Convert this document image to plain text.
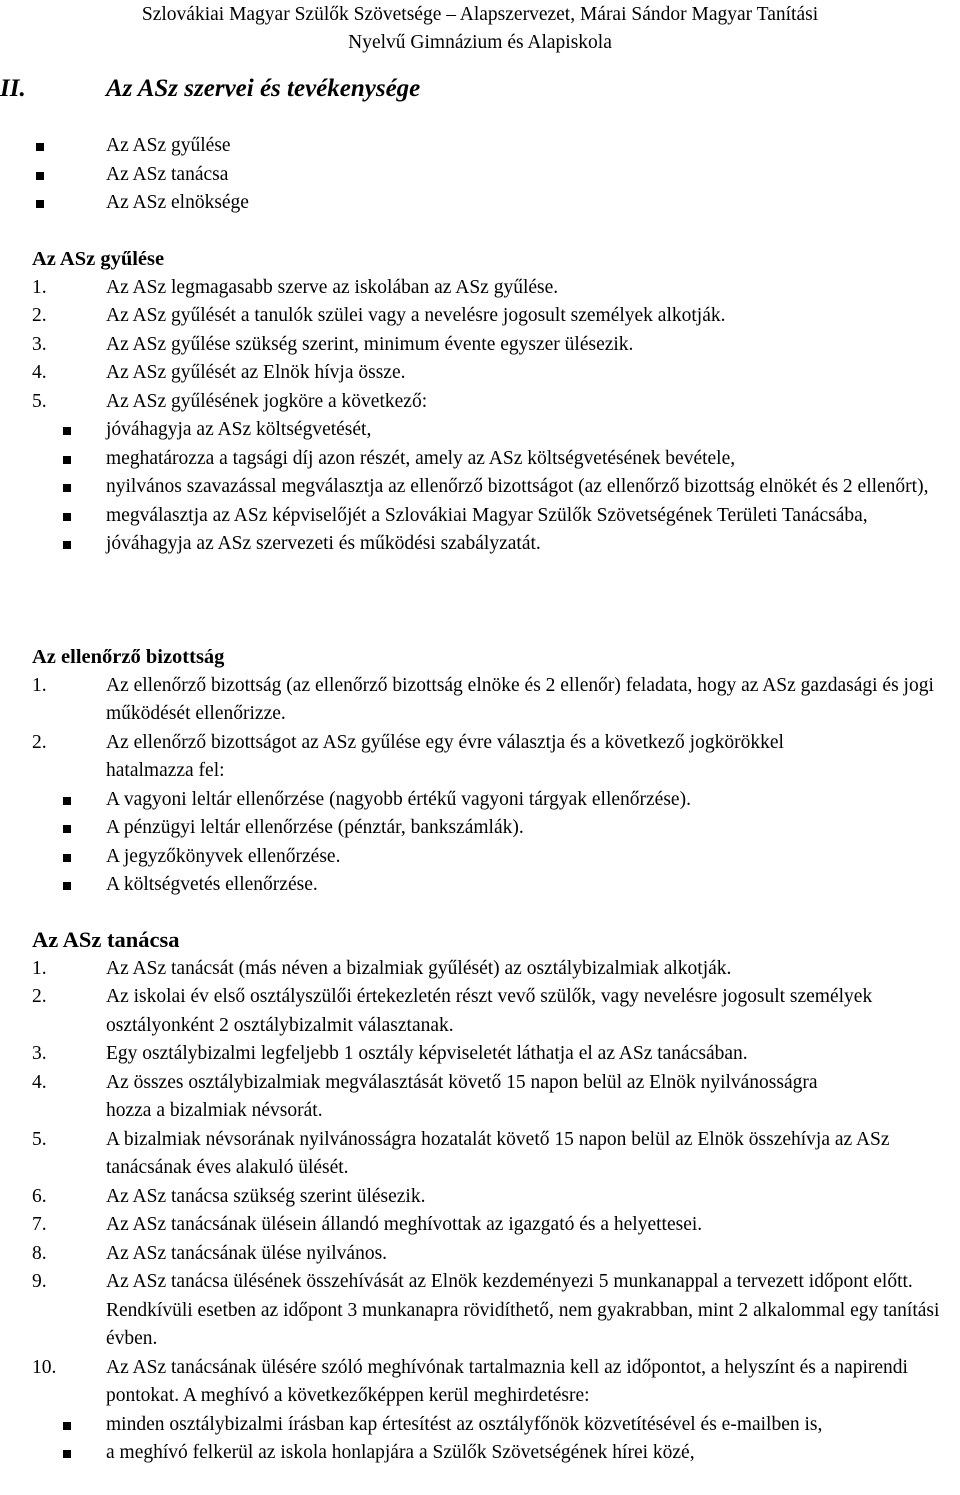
Szlovákiai Magyar Szülők Szövetsége – Alapszervezet, Márai Sándor Magyar Tanítási
Nyelvű Gimnázium és Alapiskola
II.	Az ASz szervei és tevékenysége
Az ASz gyűlése
Az ASz tanácsa
Az ASz elnöksége
Az ASz gyűlése
1.	Az ASz legmagasabb szerve az iskolában az ASz gyűlése.
2.	Az ASz gyűlését a tanulók szülei vagy a nevelésre jogosult személyek alkotják.
3.	Az ASz gyűlése szükség szerint, minimum évente egyszer ülésezik.
4.	Az ASz gyűlését az Elnök hívja össze.
5.	Az ASz gyűlésének jogköre a következő:
jóváhagyja az ASz költségvetését,
meghatározza a tagsági díj azon részét, amely az ASz költségvetésének bevétele,
nyilvános szavazással megválasztja az ellenőrző bizottságot (az ellenőrző bizottság elnökét és 2 ellenőrt),
megválasztja az ASz képviselőjét a Szlovákiai Magyar Szülők Szövetségének Területi Tanácsába,
jóváhagyja az ASz szervezeti és működési szabályzatát.
Az ellenőrző bizottság
1.	Az ellenőrző bizottság (az ellenőrző bizottság elnöke és 2 ellenőr) feladata, hogy az ASz gazdasági és jogi működését ellenőrizze.
2.	Az ellenőrző bizottságot az ASz gyűlése egy évre választja és a következő jogkörökkel hatalmazza fel:
A vagyoni leltár ellenőrzése (nagyobb értékű vagyoni tárgyak ellenőrzése).
A pénzügyi leltár ellenőrzése (pénztár, bankszámlák).
A jegyzőkönyvek ellenőrzése.
A költségvetés ellenőrzése.
Az ASz tanácsa
1.	Az ASz tanácsát (más néven a bizalmiak gyűlését) az osztálybizalmiak alkotják.
2.	Az iskolai év első osztályszülői értekezletén részt vevő szülők, vagy nevelésre jogosult személyek osztályonként 2 osztálybizalmit választanak.
3.	Egy osztálybizalmi legfeljebb 1 osztály képviseletét láthatja el az ASz tanácsában.
4.	Az összes osztálybizalmiak megválasztását követő 15 napon belül az Elnök nyilvánosságra hozza a bizalmiak névsorát.
5.	A bizalmiak névsorának nyilvánosságra hozatalát követő 15 napon belül az Elnök összehívja az ASz tanácsának éves alakuló ülését.
6.	Az ASz tanácsa szükség szerint ülésezik.
7.	Az ASz tanácsának ülésein állandó meghívottak az igazgató és a helyettesei.
8.	Az ASz tanácsának ülése nyilvános.
9.	Az ASz tanácsa ülésének összehívását az Elnök kezdeményezi 5 munkanappal a tervezett időpont előtt. Rendkívüli esetben az időpont 3 munkanapra rövidíthető, nem gyakrabban, mint 2 alkalommal egy tanítási évben.
10.	Az ASz tanácsának ülésére szóló meghívónak tartalmaznia kell az időpontot, a helyszínt és a napirendi pontokat. A meghívó a következőképpen kerül meghirdetésre:
minden osztálybizalmi írásban kap értesítést az osztályfőnök közvetítésével és e-mailben is,
a meghívó felkerül az iskola honlapjára a Szülők Szövetségének hírei közé,
